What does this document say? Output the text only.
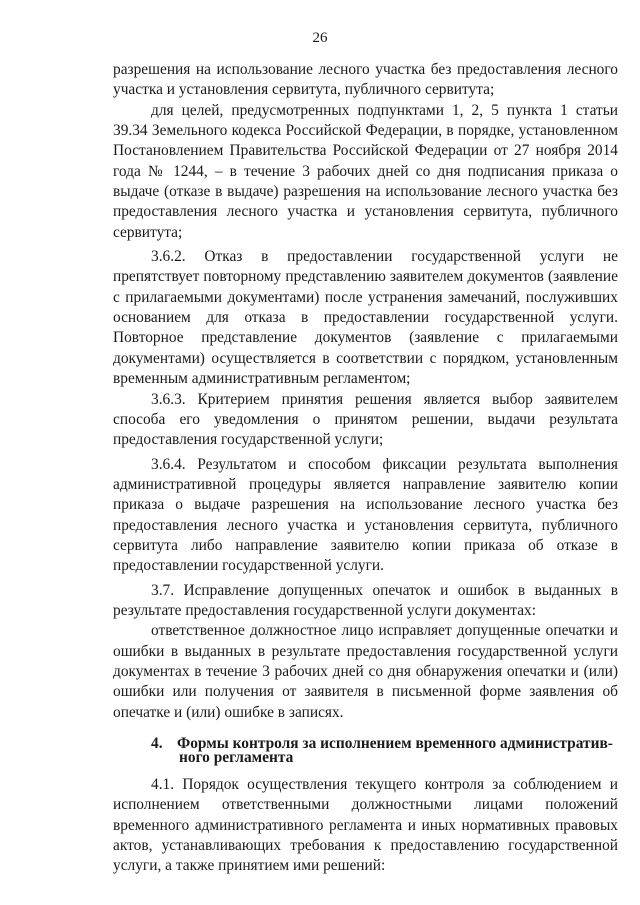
26

разрешения на использование лесного участка без предоставления лесного участка и установления сервитута, публичного сервитута;

для целей, предусмотренных подпунктами 1, 2, 5 пункта 1 статьи 39.34 Земельного кодекса Российской Федерации, в порядке, установленном Постановлением Правительства Российской Федерации от 27 ноября 2014 года № 1244, – в течение 3 рабочих дней со дня подписания приказа о выдаче (отказе в выдаче) разрешения на использование лесного участка без предоставления лесного участка и установления сервитута, публичного сервитута;

3.6.2. Отказ в предоставлении государственной услуги не препятствует повторному представлению заявителем документов (заявление с прилагаемыми документами) после устранения замечаний, послуживших основанием для отказа в предоставлении государственной услуги. Повторное представление документов (заявление с прилагаемыми документами) осуществляется в соответствии с порядком, установленным временным административным регламентом;

3.6.3. Критерием принятия решения является выбор заявителем способа его уведомления о принятом решении, выдачи результата предоставления государственной услуги;

3.6.4. Результатом и способом фиксации результата выполнения административной процедуры является направление заявителю копии приказа о выдаче разрешения на использование лесного участка без предоставления лесного участка и установления сервитута, публичного сервитута либо направление заявителю копии приказа об отказе в предоставлении государственной услуги.

3.7. Исправление допущенных опечаток и ошибок в выданных в результате предоставления государственной услуги документах:

ответственное должностное лицо исправляет допущенные опечатки и ошибки в выданных в результате предоставления государственной услуги документах в течение 3 рабочих дней со дня обнаружения опечатки и (или) ошибки или получения от заявителя в письменной форме заявления об опечатке и (или) ошибке в записях.

4. Формы контроля за исполнением временного административ-
ного регламента

4.1. Порядок осуществления текущего контроля за соблюдением и исполнением ответственными должностными лицами положений временного административного регламента и иных нормативных правовых актов, устанавливающих требования к предоставлению государственной услуги, а также принятием ими решений:
